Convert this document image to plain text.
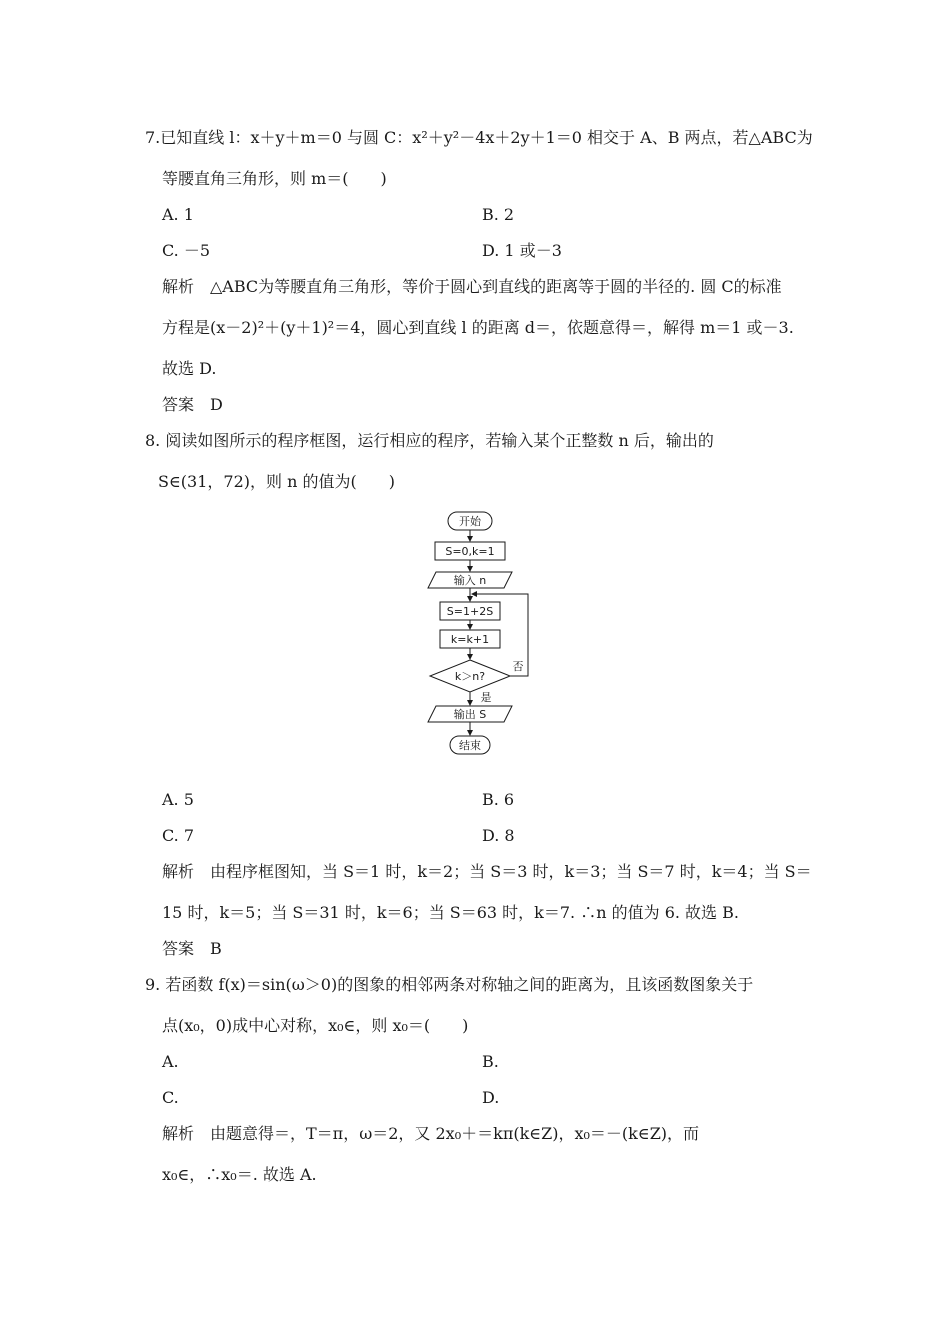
7.已知直线 l：x＋y＋m＝0 与圆 C：x²＋y²－4x＋2y＋1＝0 相交于 A、B 两点，若△ABC为
等腰直角三角形，则 m＝(　　)
A. 1	B. 2
C. －5	D. 1 或－3
解析　△ABC为等腰直角三角形，等价于圆心到直线的距离等于圆的半径的. 圆 C的标准
方程是(x－2)²＋(y＋1)²＝4，圆心到直线 l 的距离 d＝，依题意得＝，解得 m＝1 或－3.
故选 D.
答案　D
8. 阅读如图所示的程序框图，运行相应的程序，若输入某个正整数 n 后，输出的
S∈(31，72)，则 n 的值为(　　)
开始
S=0,k=1
输入 n
S=1+2S
k=k+1
k＞n?
否
是
输出 S
结束
A. 5	B. 6
C. 7	D. 8
解析　由程序框图知，当 S＝1 时，k＝2；当 S＝3 时，k＝3；当 S＝7 时，k＝4；当 S＝
15 时，k＝5；当 S＝31 时，k＝6；当 S＝63 时，k＝7. ∴n 的值为 6. 故选 B.
答案　B
9. 若函数 f(x)＝sin(ω＞0)的图象的相邻两条对称轴之间的距离为，且该函数图象关于
点(x₀，0)成中心对称，x₀∈，则 x₀＝(　　)
A.	B.
C.	D.
解析　由题意得＝，T＝π，ω＝2，又 2x₀＋＝kπ(k∈Z)，x₀＝－(k∈Z)，而
x₀∈，∴x₀＝. 故选 A.
